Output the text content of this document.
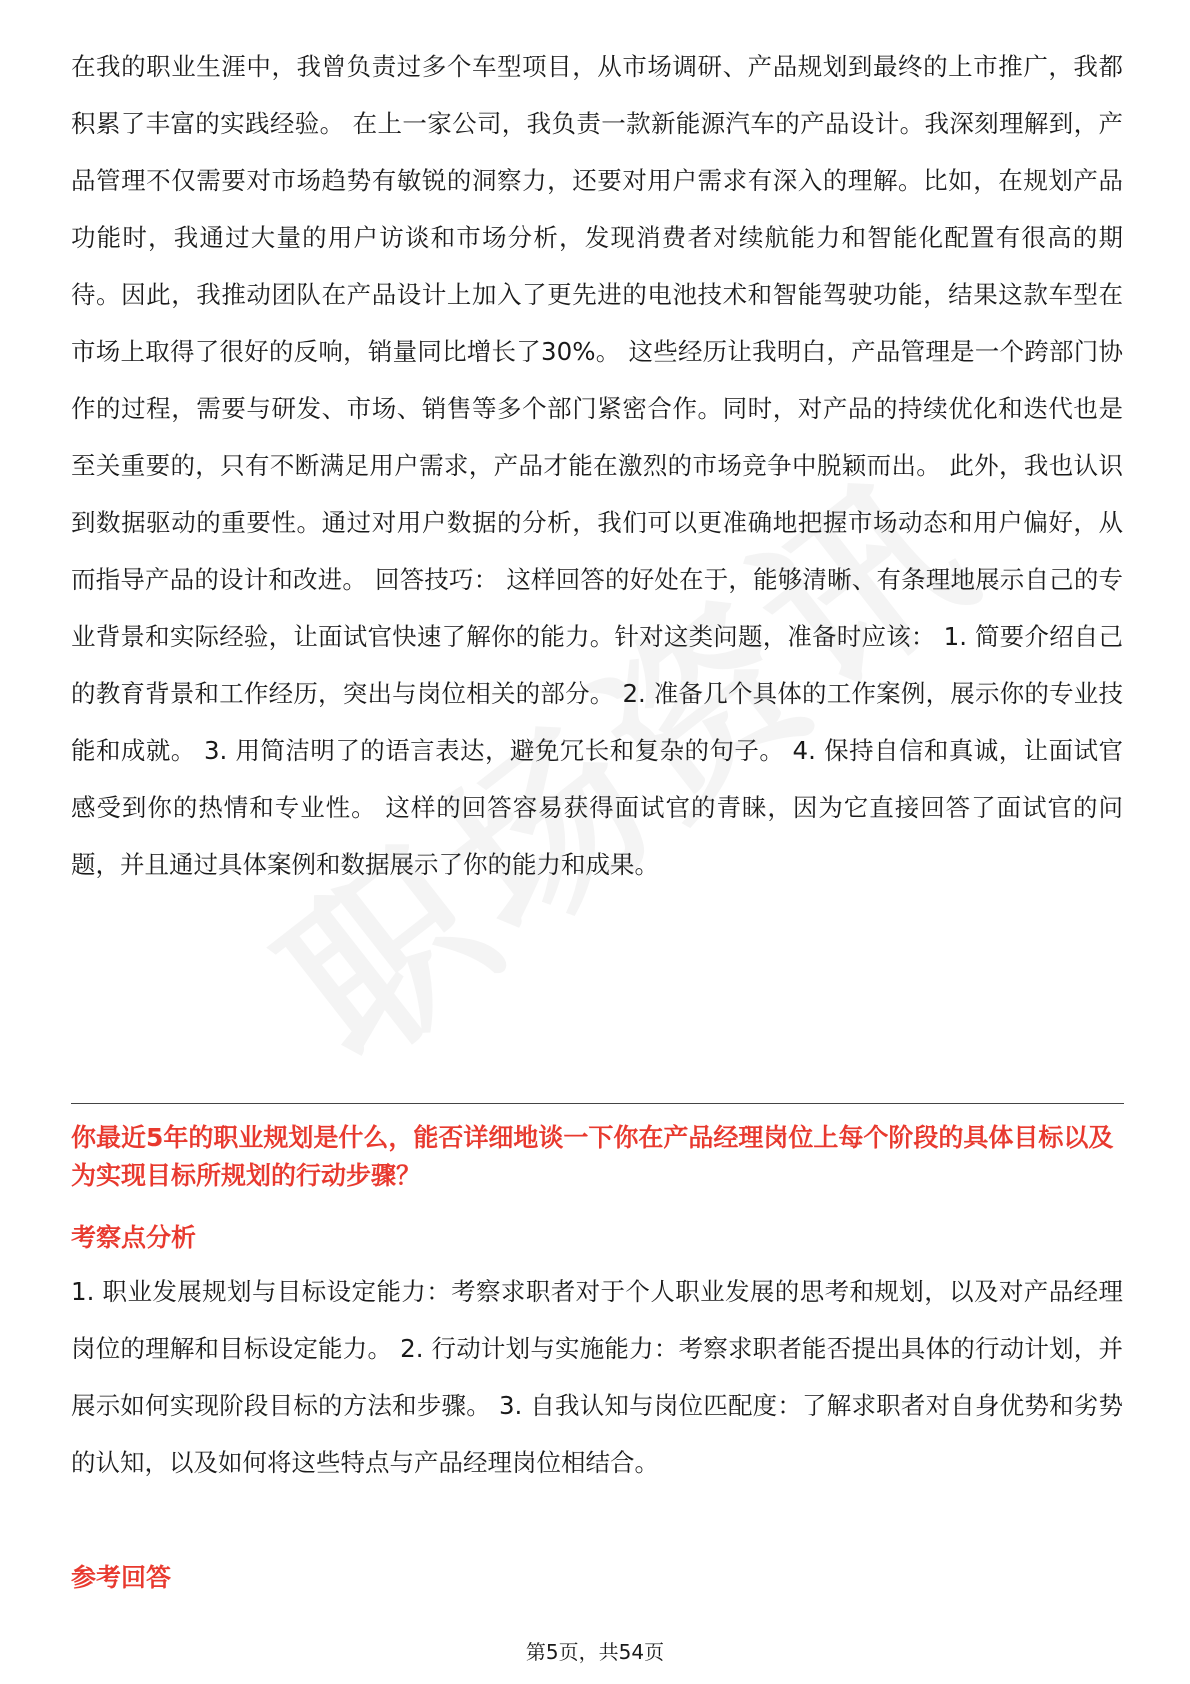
在我的职业生涯中，我曾负责过多个车型项目，从市场调研、产品规划到最终的上市推广，我都积累了丰富的实践经验。 在上一家公司，我负责一款新能源汽车的产品设计。我深刻理解到，产品管理不仅需要对市场趋势有敏锐的洞察力，还要对用户需求有深入的理解。比如，在规划产品功能时，我通过大量的用户访谈和市场分析，发现消费者对续航能力和智能化配置有很高的期待。因此，我推动团队在产品设计上加入了更先进的电池技术和智能驾驶功能，结果这款车型在市场上取得了很好的反响，销量同比增长了30%。 这些经历让我明白，产品管理是一个跨部门协作的过程，需要与研发、市场、销售等多个部门紧密合作。同时，对产品的持续优化和迭代也是至关重要的，只有不断满足用户需求，产品才能在激烈的市场竞争中脱颖而出。 此外，我也认识到数据驱动的重要性。通过对用户数据的分析，我们可以更准确地把握市场动态和用户偏好，从而指导产品的设计和改进。 回答技巧： 这样回答的好处在于，能够清晰、有条理地展示自己的专业背景和实际经验，让面试官快速了解你的能力。针对这类问题，准备时应该： 1. 简要介绍自己的教育背景和工作经历，突出与岗位相关的部分。 2. 准备几个具体的工作案例，展示你的专业技能和成就。 3. 用简洁明了的语言表达，避免冗长和复杂的句子。 4. 保持自信和真诚，让面试官感受到你的热情和专业性。 这样的回答容易获得面试官的青睐，因为它直接回答了面试官的问题，并且通过具体案例和数据展示了你的能力和成果。

你最近5年的职业规划是什么，能否详细地谈一下你在产品经理岗位上每个阶段的具体目标以及为实现目标所规划的行动步骤？

考察点分析

1. 职业发展规划与目标设定能力：考察求职者对于个人职业发展的思考和规划，以及对产品经理岗位的理解和目标设定能力。 2. 行动计划与实施能力：考察求职者能否提出具体的行动计划，并展示如何实现阶段目标的方法和步骤。 3. 自我认知与岗位匹配度：了解求职者对自身优势和劣势的认知，以及如何将这些特点与产品经理岗位相结合。

参考回答
第5页，共54页
